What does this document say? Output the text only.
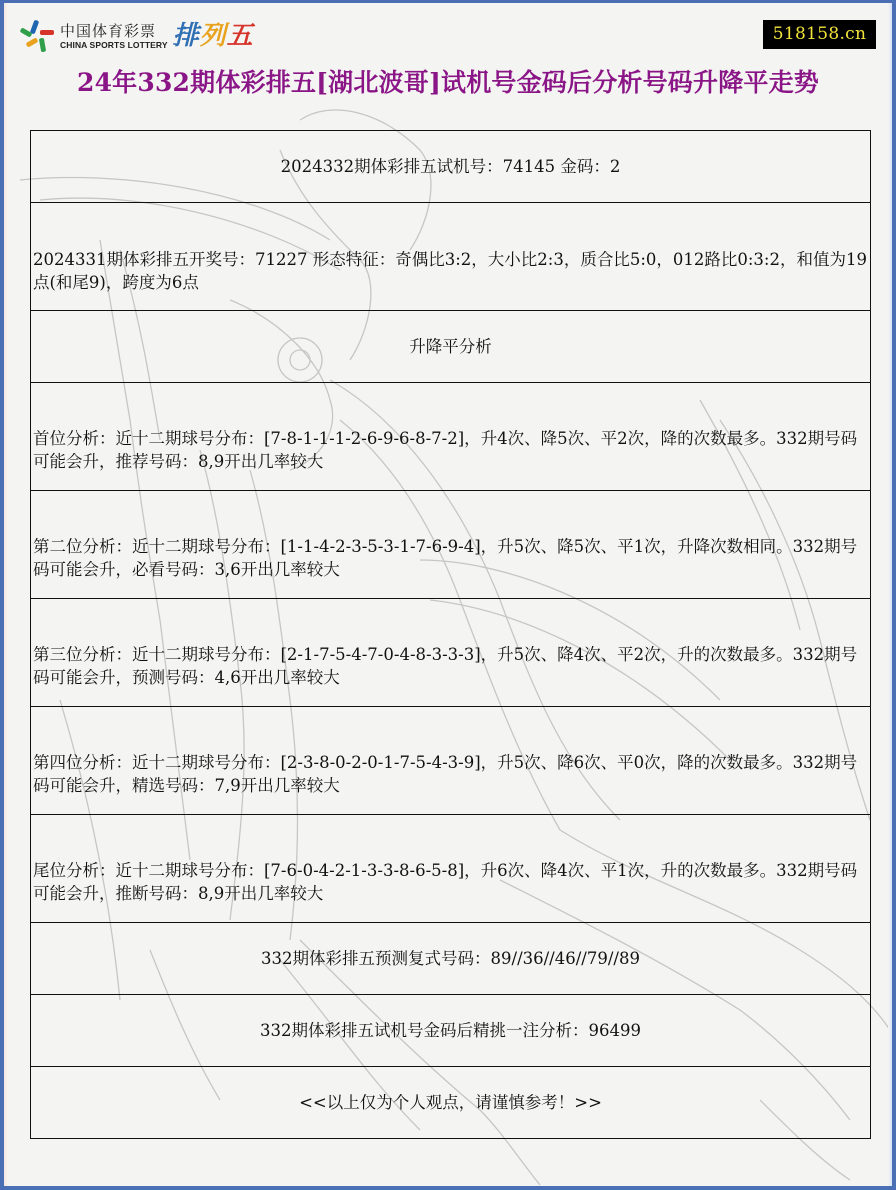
中国体育彩票
CHINA SPORTS LOTTERY 排列五	518158.cn
24年332期体彩排五[湖北波哥]试机号金码后分析号码升降平走势
2024332期体彩排五试机号：74145 金码：2
2024331期体彩排五开奖号：71227 形态特征：奇偶比3:2，大小比2:3，质合比5:0，012路比0:3:2，和值为19点(和尾9)，跨度为6点
升降平分析
首位分析：近十二期球号分布：[7-8-1-1-1-2-6-9-6-8-7-2]，升4次、降5次、平2次，降的次数最多。332期号码可能会升，推荐号码：8,9开出几率较大
第二位分析：近十二期球号分布：[1-1-4-2-3-5-3-1-7-6-9-4]，升5次、降5次、平1次，升降次数相同。332期号码可能会升，必看号码：3,6开出几率较大
第三位分析：近十二期球号分布：[2-1-7-5-4-7-0-4-8-3-3-3]，升5次、降4次、平2次，升的次数最多。332期号码可能会升，预测号码：4,6开出几率较大
第四位分析：近十二期球号分布：[2-3-8-0-2-0-1-7-5-4-3-9]，升5次、降6次、平0次，降的次数最多。332期号码可能会升，精选号码：7,9开出几率较大
尾位分析：近十二期球号分布：[7-6-0-4-2-1-3-3-8-6-5-8]，升6次、降4次、平1次，升的次数最多。332期号码可能会升，推断号码：8,9开出几率较大
332期体彩排五预测复式号码：89//36//46//79//89
332期体彩排五试机号金码后精挑一注分析：96499
<<以上仅为个人观点，请谨慎参考！>>
